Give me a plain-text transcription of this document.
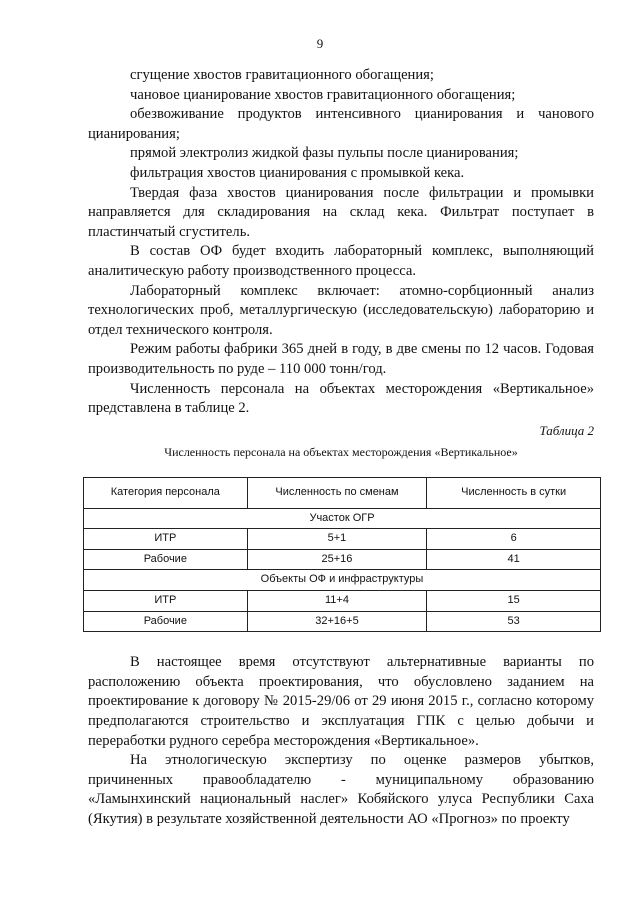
9

сгущение хвостов гравитационного обогащения;

чановое цианирование хвостов гравитационного обогащения;

обезвоживание продуктов интенсивного цианирования и чанового цианирования;

прямой электролиз жидкой фазы пульпы после цианирования;

фильтрация хвостов цианирования с промывкой кека.

Твердая фаза хвостов цианирования после фильтрации и промывки направляется для складирования на склад кека. Фильтрат поступает в пластинчатый сгуститель.

В состав ОФ будет входить лабораторный комплекс, выполняющий аналитическую работу производственного процесса.

Лабораторный комплекс включает: атомно-сорбционный анализ технологических проб, металлургическую (исследовательскую) лабораторию и отдел технического контроля.

Режим работы фабрики 365 дней в году, в две смены по 12 часов. Годовая производительность по руде – 110 000 тонн/год.

Численность персонала на объектах месторождения «Вертикальное» представлена в таблице 2.

Таблица 2
Численность персонала на объектах месторождения «Вертикальное»
Категория персонала	Численность по сменам	Численность в сутки
Участок ОГР		
ИТР	5+1	6
Рабочие	25+16	41
Объекты ОФ и инфраструктуры		
ИТР	11+4	15
Рабочие	32+16+5	53

В настоящее время отсутствуют альтернативные варианты по расположению объекта проектирования, что обусловлено заданием на проектирование к договору № 2015-29/06 от 29 июня 2015 г., согласно которому предполагаются строительство и эксплуатация ГПК с целью добычи и переработки рудного серебра месторождения «Вертикальное».

На этнологическую экспертизу по оценке размеров убытков, причиненных правообладателю - муниципальному образованию «Ламынхинский национальный наслег» Кобяйского улуса Республики Саха (Якутия) в результате хозяйственной деятельности АО «Прогноз» по проекту
